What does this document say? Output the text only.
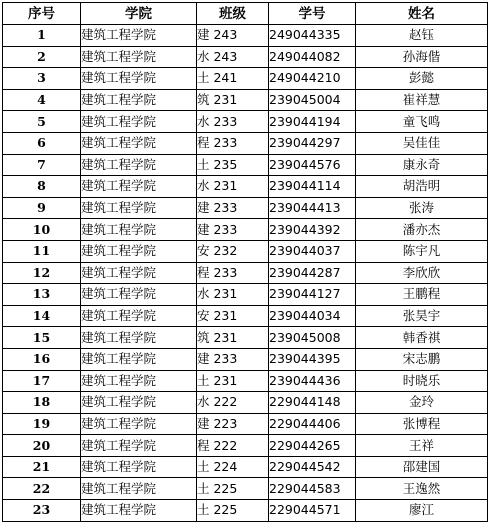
序号	学院	班级	学号	姓名
1	建筑工程学院	建 243	249044335	赵钰
2	建筑工程学院	水 243	249044082	孙海偕
3	建筑工程学院	土 241	249044210	彭懿
4	建筑工程学院	筑 231	239045004	崔祥慧
5	建筑工程学院	水 233	239044194	童飞鸣
6	建筑工程学院	程 233	239044297	吴佳佳
7	建筑工程学院	土 235	239044576	康永奇
8	建筑工程学院	水 231	239044114	胡浩明
9	建筑工程学院	建 233	239044413	张涛
10	建筑工程学院	建 233	239044392	潘亦杰
11	建筑工程学院	安 232	239044037	陈宇凡
12	建筑工程学院	程 233	239044287	李欣欣
13	建筑工程学院	水 231	239044127	王鹏程
14	建筑工程学院	安 231	239044034	张昊宇
15	建筑工程学院	筑 231	239045008	韩香祺
16	建筑工程学院	建 233	239044395	宋志鹏
17	建筑工程学院	土 231	239044436	时晓乐
18	建筑工程学院	水 222	229044148	金玲
19	建筑工程学院	建 223	229044406	张博程
20	建筑工程学院	程 222	229044265	王祥
21	建筑工程学院	土 224	229044542	邵建国
22	建筑工程学院	土 225	229044583	王逸然
23	建筑工程学院	土 225	229044571	廖江
